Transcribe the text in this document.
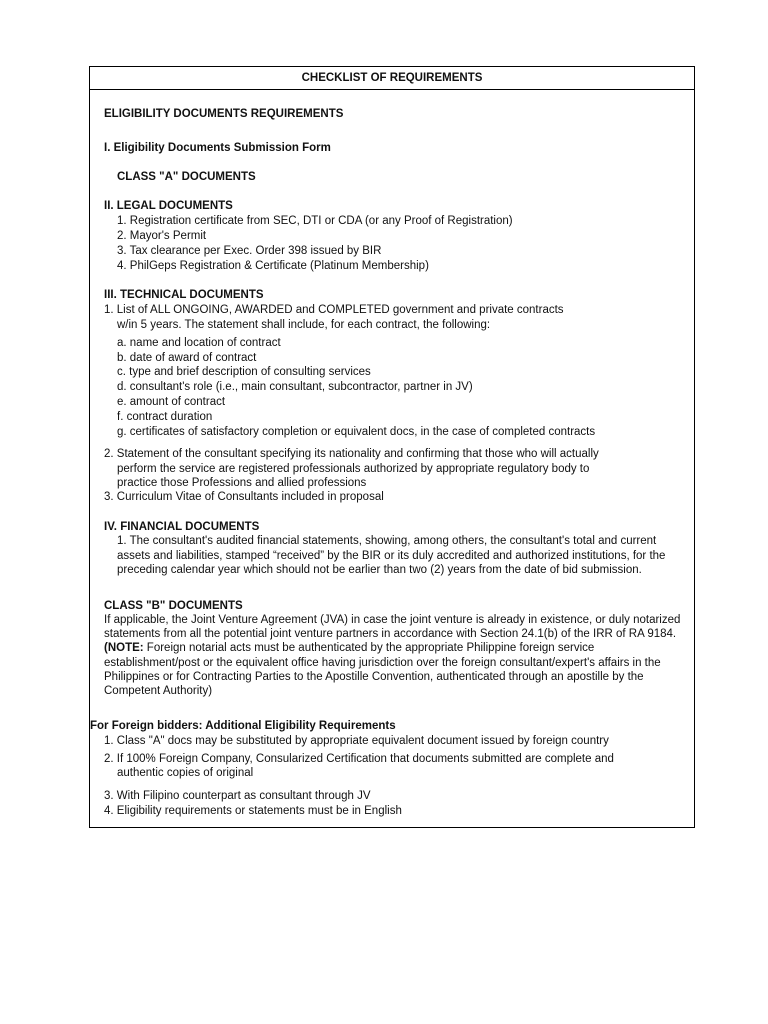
CHECKLIST OF REQUIREMENTS
ELIGIBILITY DOCUMENTS REQUIREMENTS
I. Eligibility Documents Submission Form
CLASS "A" DOCUMENTS
II. LEGAL DOCUMENTS
1. Registration certificate from SEC, DTI or CDA (or any Proof of Registration)
2. Mayor's Permit
3. Tax clearance per Exec. Order 398 issued by BIR
4. PhilGeps Registration & Certificate (Platinum Membership)
III. TECHNICAL DOCUMENTS
1. List of ALL ONGOING, AWARDED and COMPLETED government and private contracts
w/in 5 years. The statement shall include, for each contract, the following:
a. name and location of contract
b. date of award of contract
c. type and brief description of consulting services
d. consultant's role (i.e., main consultant, subcontractor, partner in JV)
e. amount of contract
f. contract duration
g. certificates of satisfactory completion or equivalent docs, in the case of completed contracts
2. Statement of the consultant specifying its nationality and confirming that those who will actually
perform the service are registered professionals authorized by appropriate regulatory body to
practice those Professions and allied professions
3. Curriculum Vitae of Consultants included in proposal
IV. FINANCIAL DOCUMENTS
1. The consultant's audited financial statements, showing, among others, the consultant's total and current
assets and liabilities, stamped “received” by the BIR or its duly accredited and authorized institutions, for the
preceding calendar year which should not be earlier than two (2) years from the date of bid submission.
CLASS "B" DOCUMENTS
If applicable, the Joint Venture Agreement (JVA) in case the joint venture is already in existence, or duly notarized
statements from all the potential joint venture partners in accordance with Section 24.1(b) of the IRR of RA 9184.
(NOTE: Foreign notarial acts must be authenticated by the appropriate Philippine foreign service
establishment/post or the equivalent office having jurisdiction over the foreign consultant/expert's affairs in the
Philippines or for Contracting Parties to the Apostille Convention, authenticated through an apostille by the
Competent Authority)
For Foreign bidders: Additional Eligibility Requirements
1. Class "A" docs may be substituted by appropriate equivalent document issued by foreign country
2. If 100% Foreign Company, Consularized Certification that documents submitted are complete and
authentic copies of original
3. With Filipino counterpart as consultant through JV
4. Eligibility requirements or statements must be in English
